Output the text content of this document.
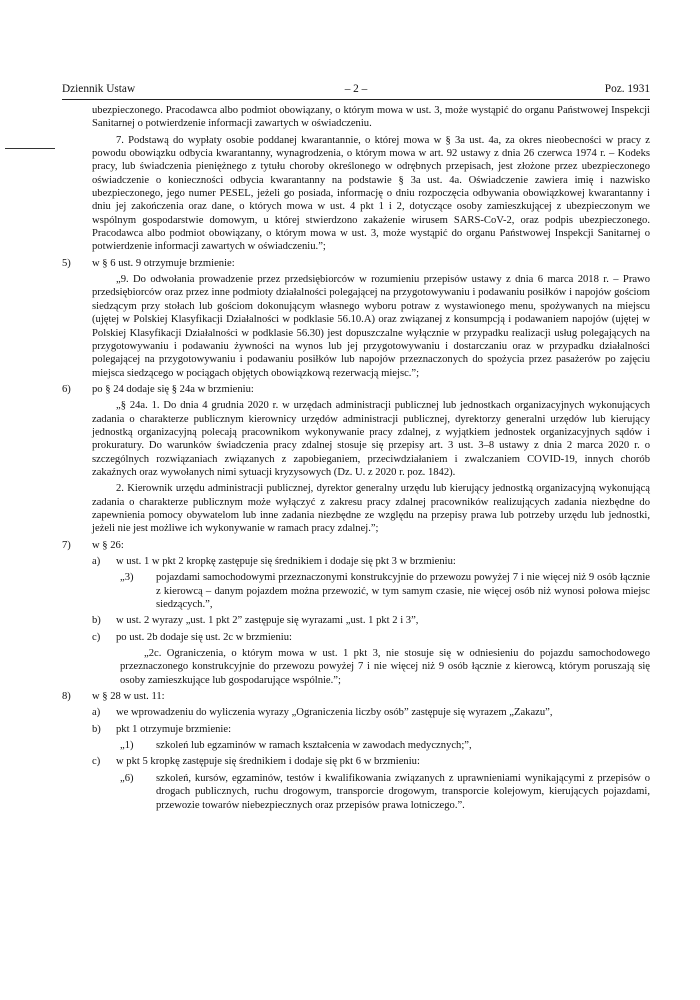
Dziennik Ustaw	– 2 –	Poz. 1931

ubezpieczonego. Pracodawca albo podmiot obowiązany, o którym mowa w ust. 3, może wystąpić do organu Państwowej Inspekcji Sanitarnej o potwierdzenie informacji zawartych w oświadczeniu.

7. Podstawą do wypłaty osobie poddanej kwarantannie, o której mowa w § 3a ust. 4a, za okres nieobecności w pracy z powodu obowiązku odbycia kwarantanny, wynagrodzenia, o którym mowa w art. 92 ustawy z dnia 26 czerwca 1974 r. – Kodeks pracy, lub świadczenia pieniężnego z tytułu choroby określonego w odrębnych przepisach, jest złożone przez ubezpieczonego oświadczenie o konieczności odbycia kwarantanny na podstawie § 3a ust. 4a. Oświadczenie zawiera imię i nazwisko ubezpieczonego, jego numer PESEL, jeżeli go posiada, informację o dniu rozpoczęcia odbywania obowiązkowej kwarantanny i dniu jej zakończenia oraz dane, o których mowa w ust. 4 pkt 1 i 2, dotyczące osoby zamieszkującej z ubezpieczonym we wspólnym gospodarstwie domowym, u której stwierdzono zakażenie wirusem SARS-CoV-2, oraz podpis ubezpieczonego. Pracodawca albo podmiot obowiązany, o którym mowa w ust. 3, może wystąpić do organu Państwowej Inspekcji Sanitarnej o potwierdzenie informacji zawartych w oświadczeniu.”;

5) w § 6 ust. 9 otrzymuje brzmienie:

„9. Do odwołania prowadzenie przez przedsiębiorców w rozumieniu przepisów ustawy z dnia 6 marca 2018 r. – Prawo przedsiębiorców oraz przez inne podmioty działalności polegającej na przygotowywaniu i podawaniu posiłków i napojów gościom siedzącym przy stołach lub gościom dokonującym własnego wyboru potraw z wystawionego menu, spożywanych na miejscu (ujętej w Polskiej Klasyfikacji Działalności w podklasie 56.10.A) oraz związanej z konsumpcją i podawaniem napojów (ujętej w Polskiej Klasyfikacji Działalności w podklasie 56.30) jest dopuszczalne wyłącznie w przypadku realizacji usług polegających na przygotowywaniu i podawaniu żywności na wynos lub jej przygotowywaniu i dostarczaniu oraz w przypadku działalności polegającej na przygotowywaniu i podawaniu posiłków lub napojów przeznaczonych do spożycia przez pasażerów po zajęciu miejsca siedzącego w pociągach objętych obowiązkową rezerwacją miejsc.”;

6) po § 24 dodaje się § 24a w brzmieniu:

„§ 24a. 1. Do dnia 4 grudnia 2020 r. w urzędach administracji publicznej lub jednostkach organizacyjnych wykonujących zadania o charakterze publicznym kierownicy urzędów administracji publicznej, dyrektorzy generalni urzędów lub kierujący jednostką organizacyjną polecają pracownikom wykonywanie pracy zdalnej, z wyjątkiem jednostek organizacyjnych sądów i prokuratury. Do warunków świadczenia pracy zdalnej stosuje się przepisy art. 3 ust. 3–8 ustawy z dnia 2 marca 2020 r. o szczególnych rozwiązaniach związanych z zapobieganiem, przeciwdziałaniem i zwalczaniem COVID-19, innych chorób zakaźnych oraz wywołanych nimi sytuacji kryzysowych (Dz. U. z 2020 r. poz. 1842).

2. Kierownik urzędu administracji publicznej, dyrektor generalny urzędu lub kierujący jednostką organizacyjną wykonującą zadania o charakterze publicznym może wyłączyć z zakresu pracy zdalnej pracowników realizujących zadania niezbędne do zapewnienia pomocy obywatelom lub inne zadania niezbędne ze względu na przepisy prawa lub potrzeby urzędu lub jednostki, jeżeli nie jest możliwe ich wykonywanie w ramach pracy zdalnej.”;

7) w § 26:

a) w ust. 1 w pkt 2 kropkę zastępuje się średnikiem i dodaje się pkt 3 w brzmieniu:

„3) pojazdami samochodowymi przeznaczonymi konstrukcyjnie do przewozu powyżej 7 i nie więcej niż 9 osób łącznie z kierowcą – danym pojazdem można przewozić, w tym samym czasie, nie więcej osób niż wynosi połowa miejsc siedzących.”,

b) w ust. 2 wyrazy „ust. 1 pkt 2” zastępuje się wyrazami „ust. 1 pkt 2 i 3”,

c) po ust. 2b dodaje się ust. 2c w brzmieniu:

„2c. Ograniczenia, o którym mowa w ust. 1 pkt 3, nie stosuje się w odniesieniu do pojazdu samochodowego przeznaczonego konstrukcyjnie do przewozu powyżej 7 i nie więcej niż 9 osób łącznie z kierowcą, którym poruszają się osoby zamieszkujące lub gospodarujące wspólnie.”;

8) w § 28 w ust. 11:

a) we wprowadzeniu do wyliczenia wyrazy „Ograniczenia liczby osób” zastępuje się wyrazem „Zakazu”,

b) pkt 1 otrzymuje brzmienie:

„1) szkoleń lub egzaminów w ramach kształcenia w zawodach medycznych;”,

c) w pkt 5 kropkę zastępuje się średnikiem i dodaje się pkt 6 w brzmieniu:

„6) szkoleń, kursów, egzaminów, testów i kwalifikowania związanych z uprawnieniami wynikającymi z przepisów o drogach publicznych, ruchu drogowym, transporcie drogowym, transporcie kolejowym, kierujących pojazdami, przewozie towarów niebezpiecznych oraz przepisów prawa lotniczego.”.
